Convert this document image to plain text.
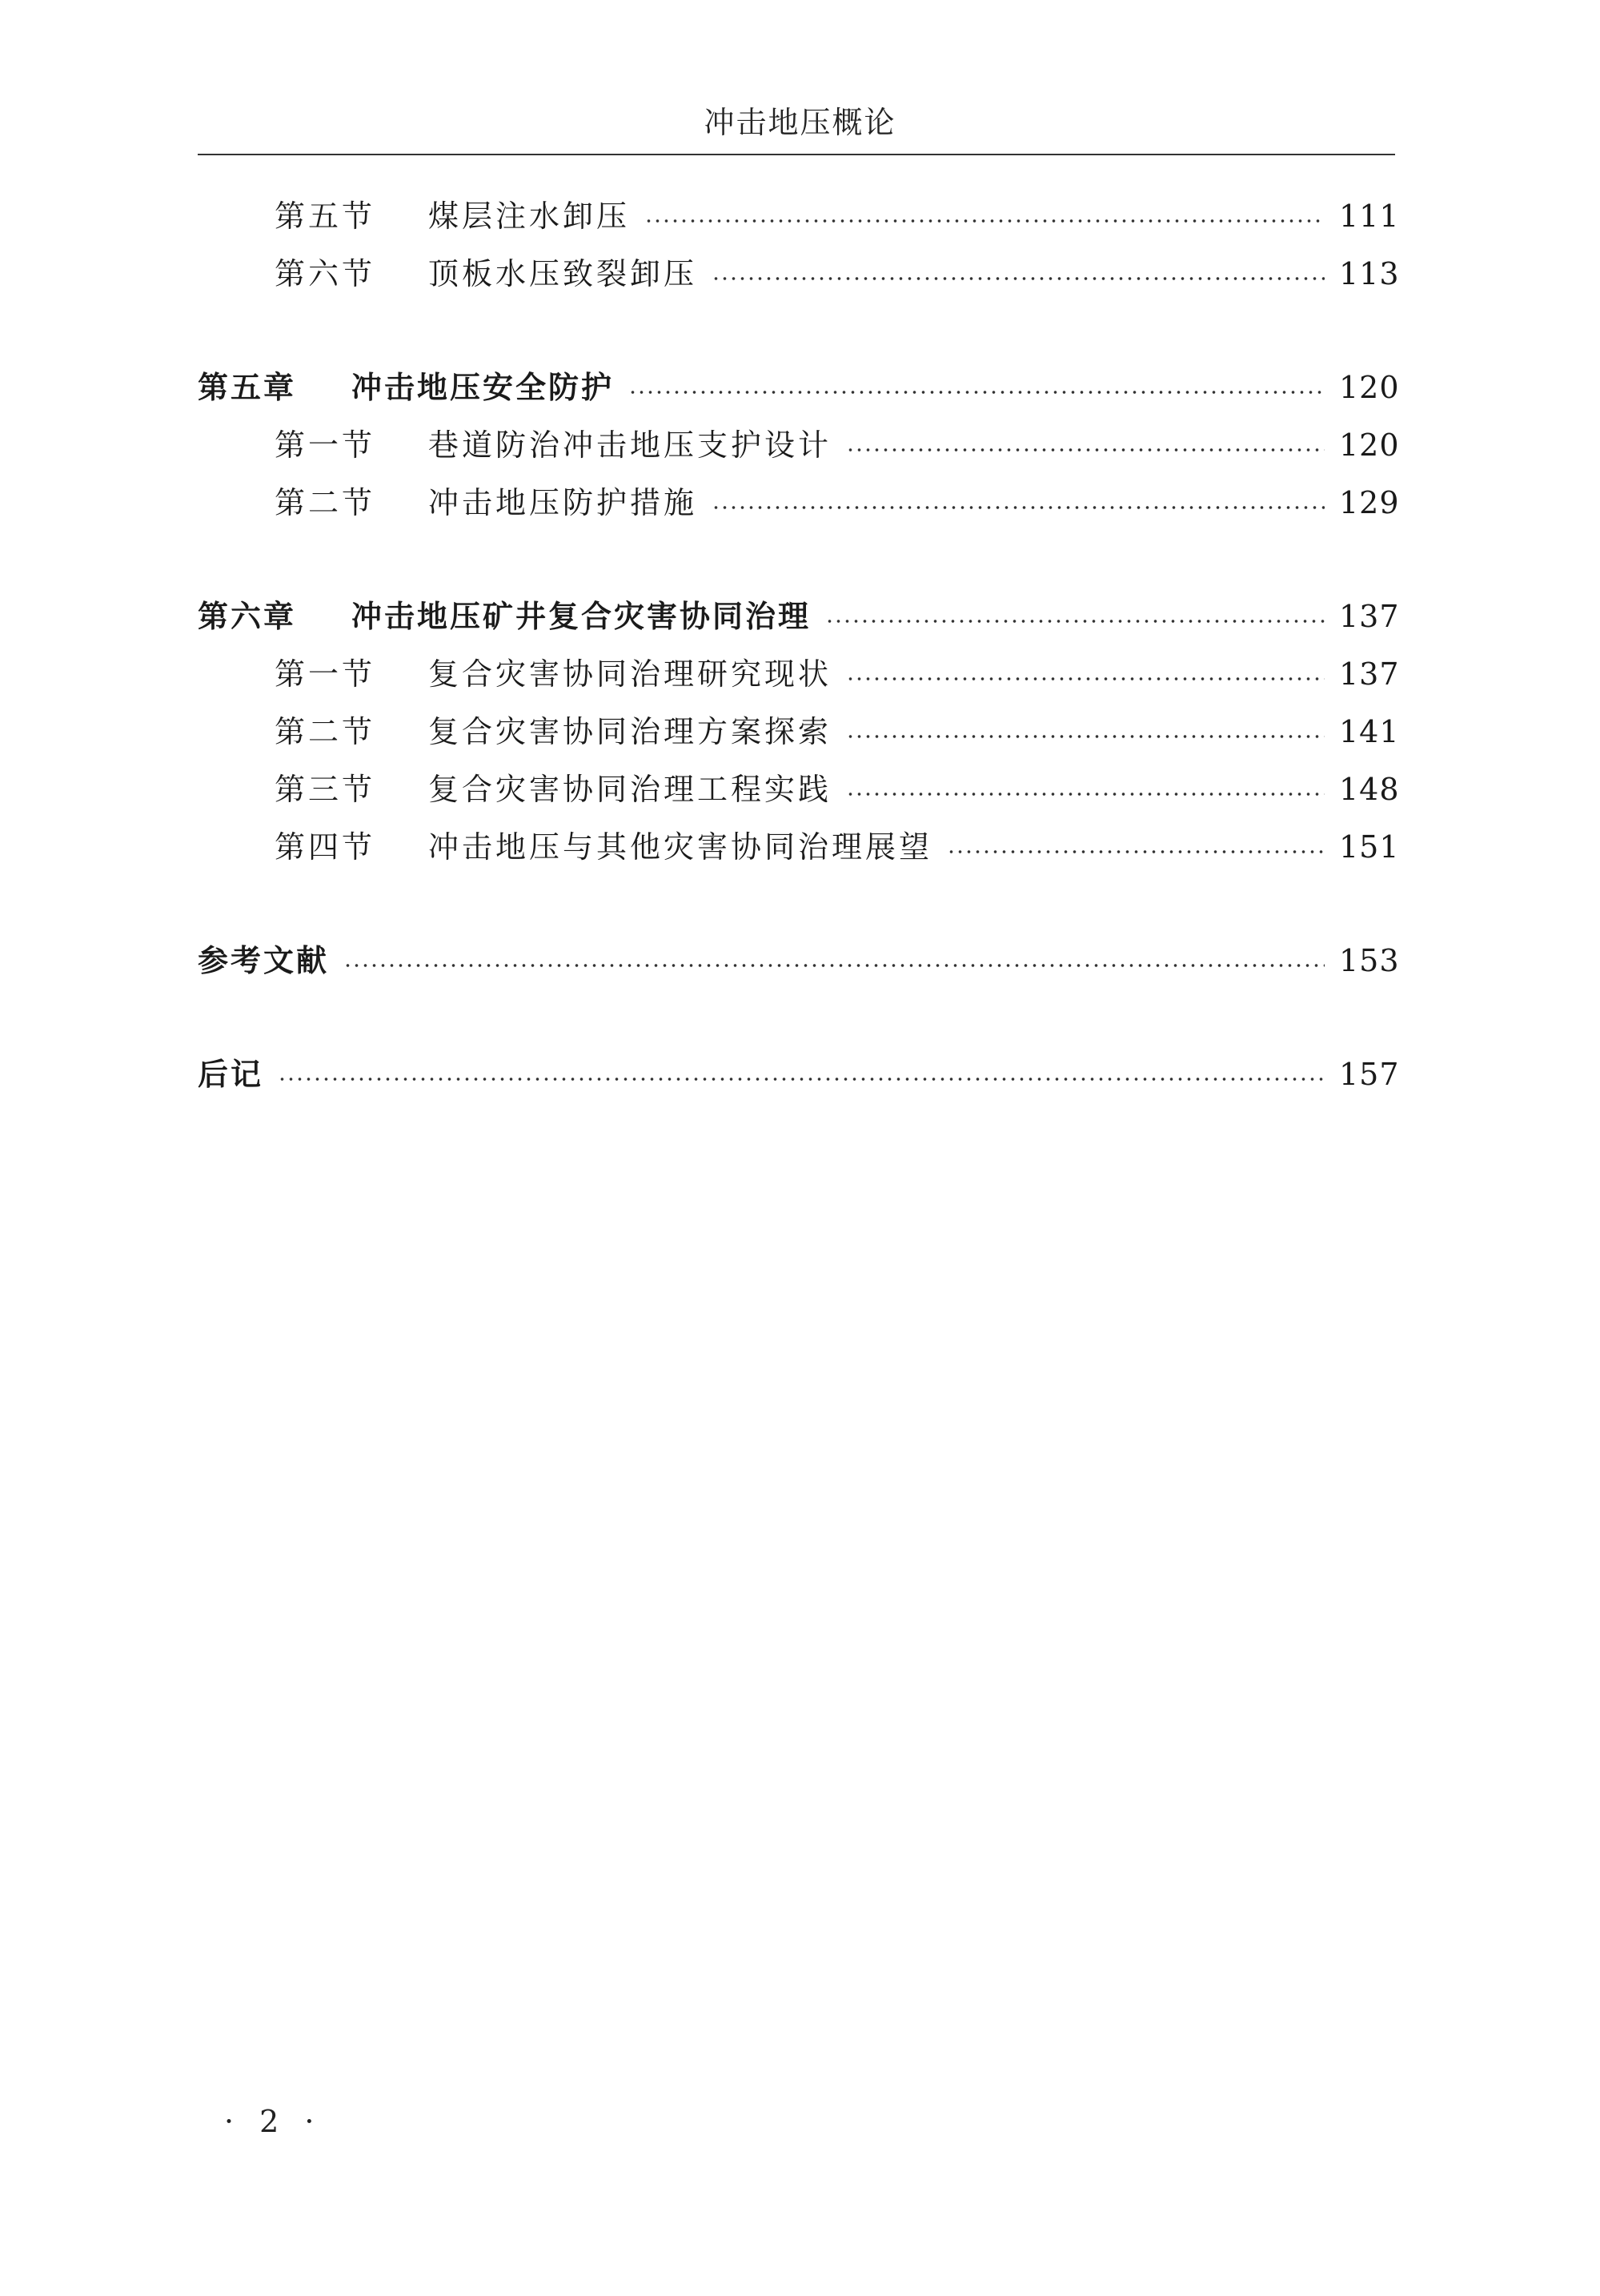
冲击地压概论
第五节	煤层注水卸压	111
第六节	顶板水压致裂卸压	113
第五章	冲击地压安全防护	120
第一节	巷道防治冲击地压支护设计	120
第二节	冲击地压防护措施	129
第六章	冲击地压矿井复合灾害协同治理	137
第一节	复合灾害协同治理研究现状	137
第二节	复合灾害协同治理方案探索	141
第三节	复合灾害协同治理工程实践	148
第四节	冲击地压与其他灾害协同治理展望	151
参考文献	153
后记	157
· 2 ·
